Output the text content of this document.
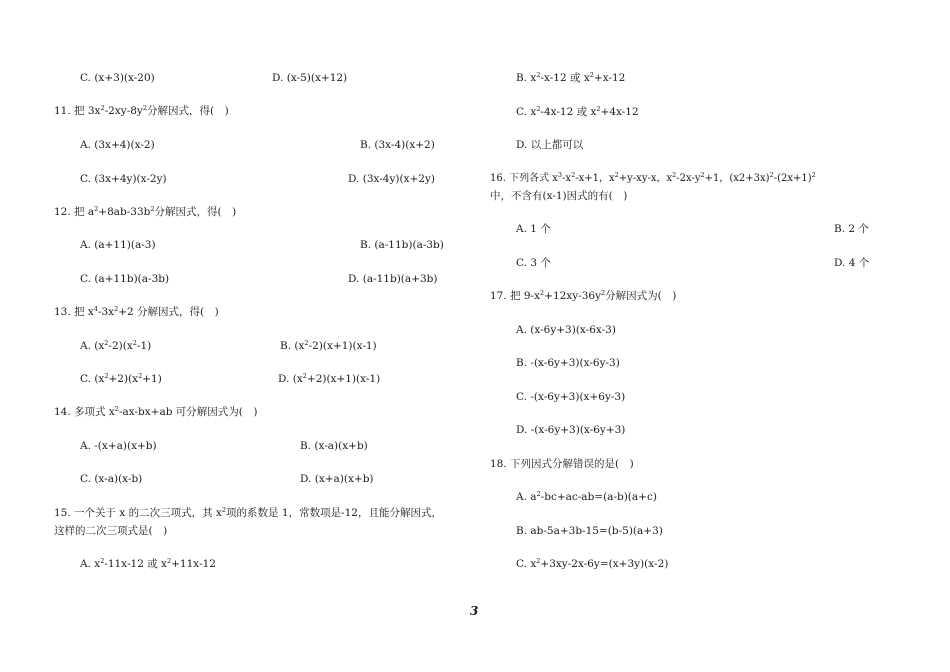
C. (x+3)(x-20)	D. (x-5)(x+12)
11. 把 $3x^2-2xy-8y^2$分解因式，得(　)
A. (3x+4)(x-2)	B. (3x-4)(x+2)
C. (3x+4y)(x-2y)	D. (3x-4y)(x+2y)
12. 把 $a^2+8ab-33b^2$分解因式，得(　)
A. (a+11)(a-3)	B. (a-11b)(a-3b)
C. (a+11b)(a-3b)	D. (a-11b)(a+3b)
13. 把 $x^4-3x^2+2$ 分解因式，得(　)
A. $(x^2-2)(x^2-1)$	B. $(x^2-2)(x+1)(x-1)$
C. $(x^2+2)(x^2+1)$	D. $(x^2+2)(x+1)(x-1)$
14. 多项式 $x^2-ax-bx+ab$ 可分解因式为(　)
A. -(x+a)(x+b)	B. (x-a)(x+b)
C. (x-a)(x-b)	D. (x+a)(x+b)
15. 一个关于 x 的二次三项式，其 $x^2$项的系数是 1，常数项是-12，且能分解因式，
这样的二次三项式是(　)
A. $x^2-11x-12$ 或 $x^2+11x-12$
B. $x^2-x-12$ 或 $x^2+x-12$
C. $x^2-4x-12$ 或 $x^2+4x-12$
D. 以上都可以
16. 下列各式 $x^3-x^2-x+1$，$x^2+y-xy-x$，$x^2-2x-y^2+1$，$(x2+3x)^2-(2x+1)^2$
中，不含有(x-1)因式的有(　)
A. 1 个	B. 2 个
C. 3 个	D. 4 个
17. 把 $9-x^2+12xy-36y^2$分解因式为(　)
A. (x-6y+3)(x-6x-3)
B. -(x-6y+3)(x-6y-3)
C. -(x-6y+3)(x+6y-3)
D. -(x-6y+3)(x-6y+3)
18. 下列因式分解错误的是(　)
A. $a^2-bc+ac-ab=(a-b)(a+c)$
B. ab-5a+3b-15=(b-5)(a+3)
C. $x^2+3xy-2x-6y=(x+3y)(x-2)$
3
